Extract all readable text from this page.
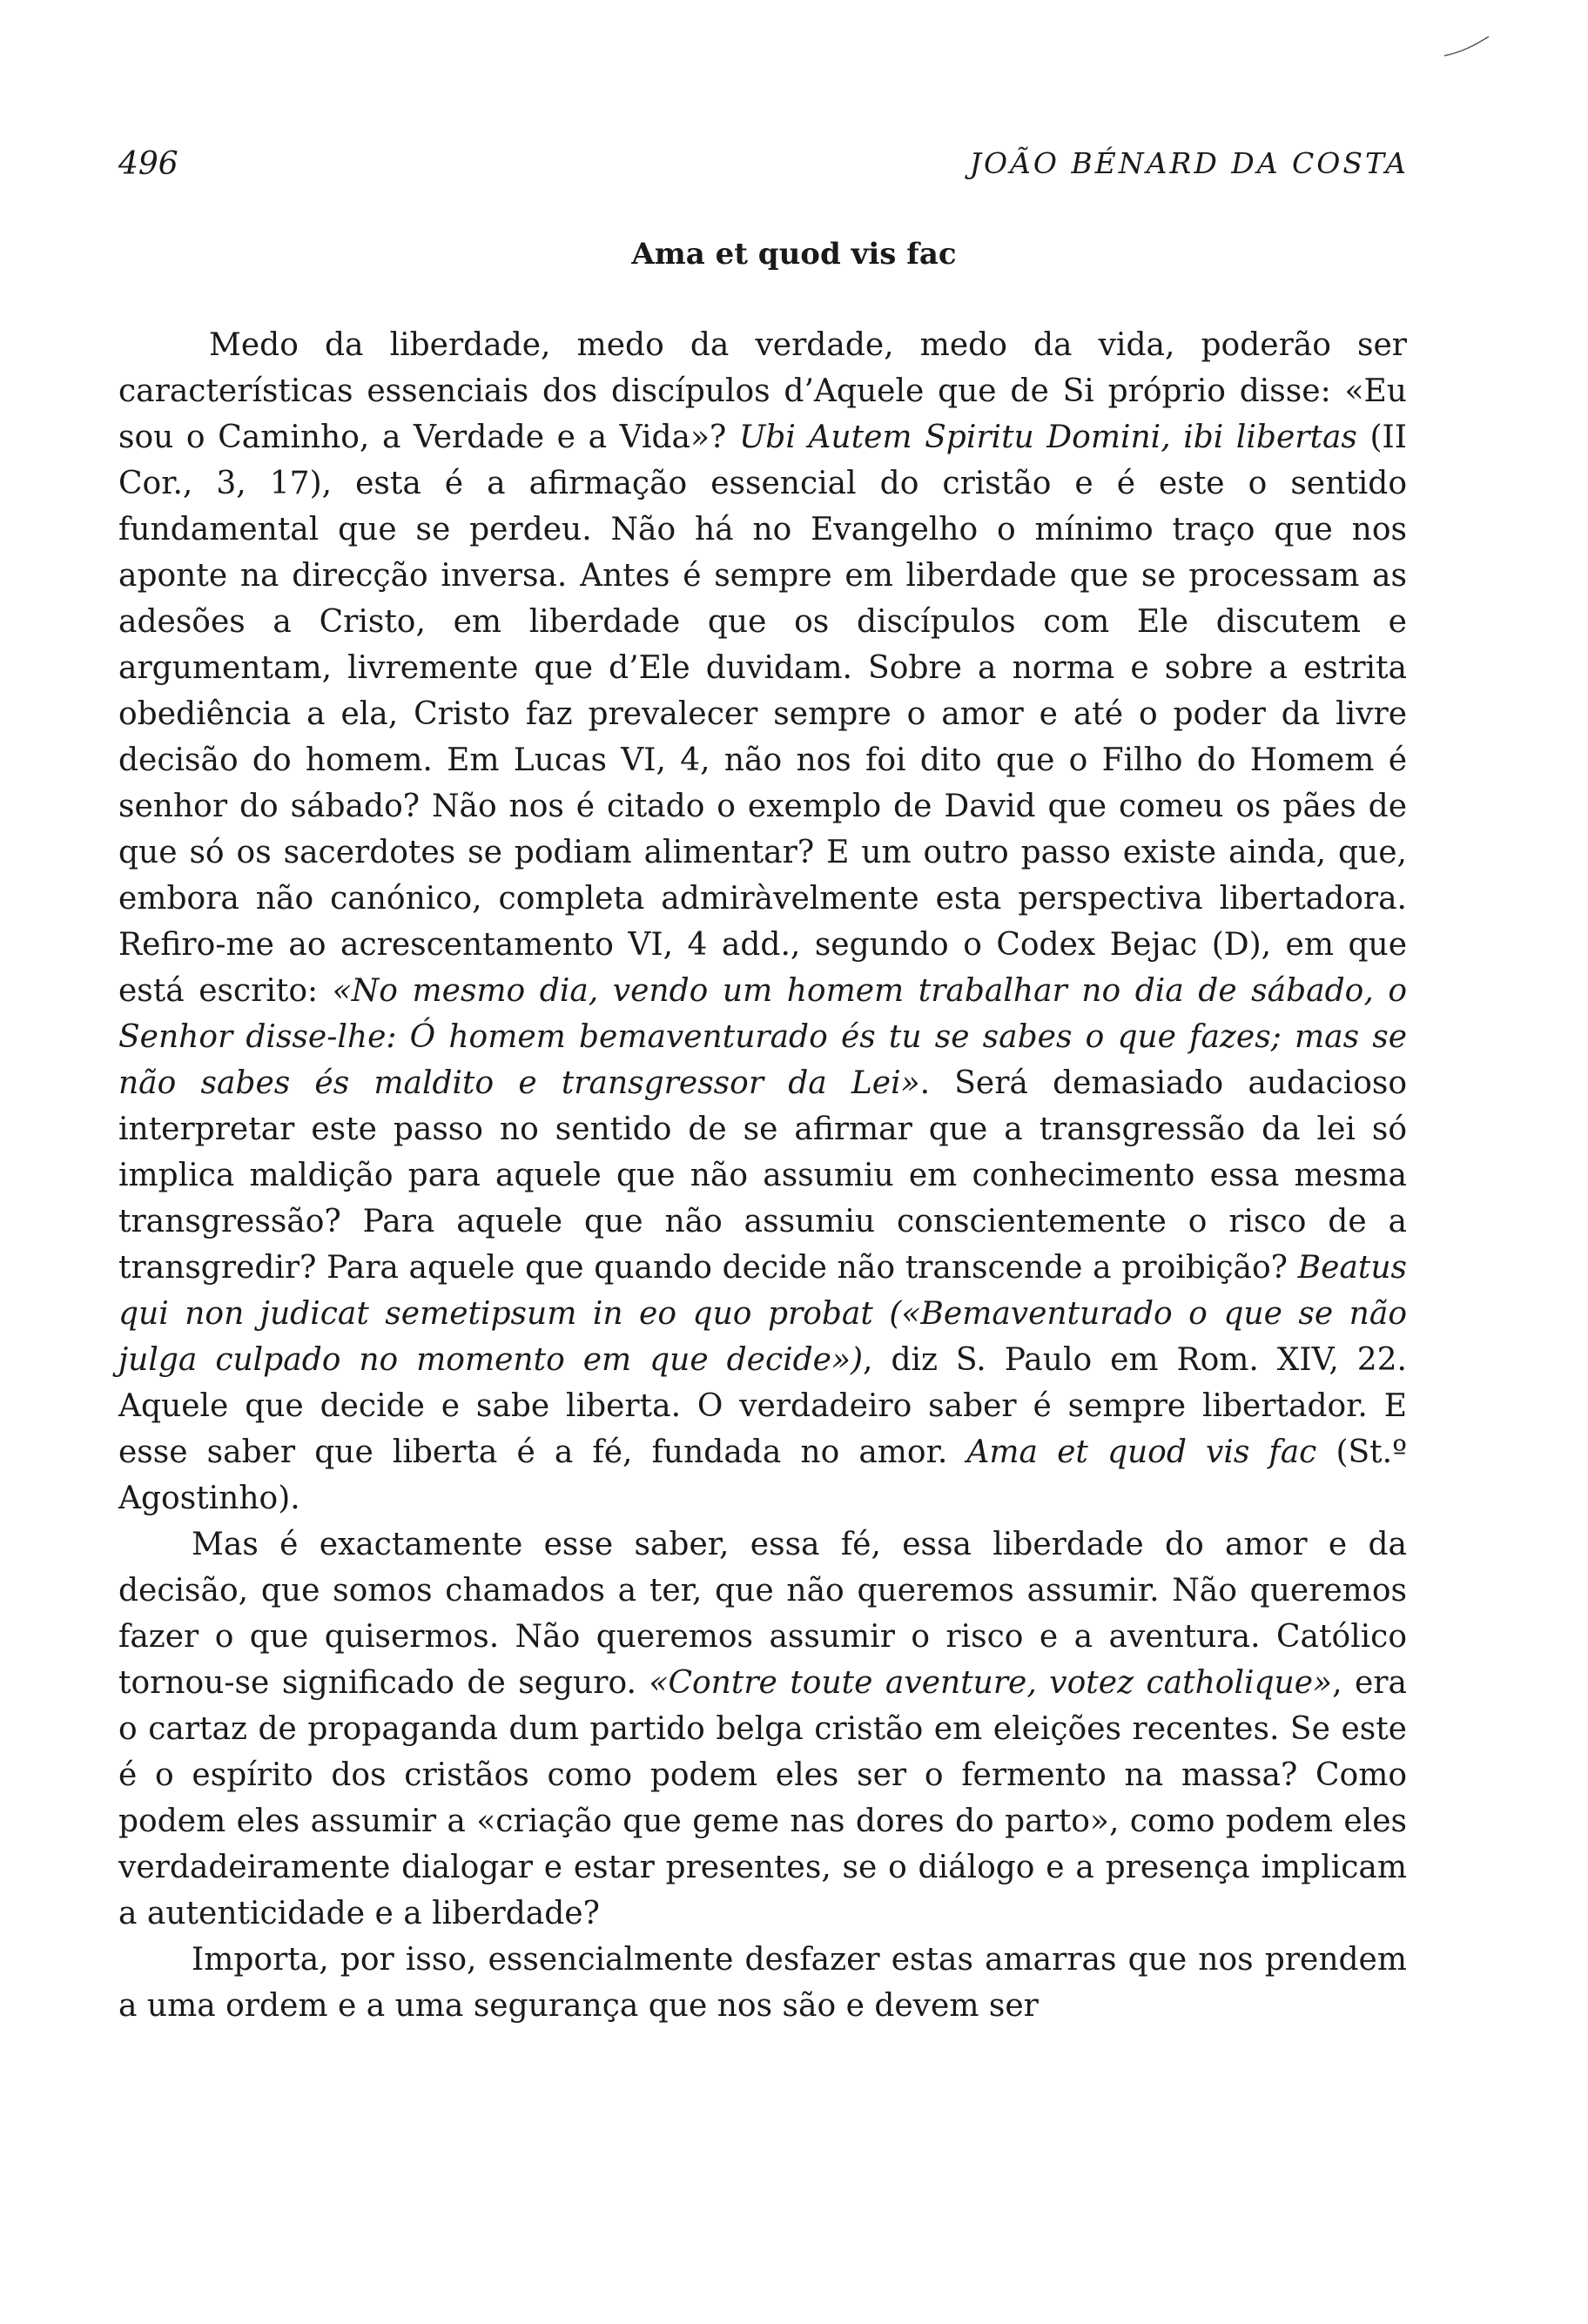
496	JOÃO BÉNARD DA COSTA
Ama et quod vis fac

Medo da liberdade, medo da verdade, medo da vida, poderão ser características essenciais dos discípulos d’Aquele que de Si próprio disse: «Eu sou o Caminho, a Verdade e a Vida»? Ubi Autem Spiritu Domini, ibi libertas (II Cor., 3, 17), esta é a afirmação essencial do cristão e é este o sentido fundamental que se perdeu. Não há no Evangelho o mínimo traço que nos aponte na direcção inversa. Antes é sempre em liberdade que se processam as adesões a Cristo, em liberdade que os discípulos com Ele discutem e argumentam, livremente que d’Ele duvidam. Sobre a norma e sobre a estrita obediência a ela, Cristo faz prevalecer sempre o amor e até o poder da livre decisão do homem. Em Lucas VI, 4, não nos foi dito que o Filho do Homem é senhor do sábado? Não nos é citado o exemplo de David que comeu os pães de que só os sacerdotes se podiam alimentar? E um outro passo existe ainda, que, embora não canónico, completa admiràvelmente esta perspectiva libertadora. Refiro-me ao acrescentamento VI, 4 add., segundo o Codex Bejac (D), em que está escrito: «No mesmo dia, vendo um homem trabalhar no dia de sábado, o Senhor disse-lhe: Ó homem bemaventurado és tu se sabes o que fazes; mas se não sabes és maldito e transgressor da Lei». Será demasiado audacioso interpretar este passo no sentido de se afirmar que a transgressão da lei só implica maldição para aquele que não assumiu em conhecimento essa mesma transgressão? Para aquele que não assumiu conscientemente o risco de a transgredir? Para aquele que quando decide não transcende a proibição? Beatus qui non judicat semetipsum in eo quo probat («Bemaventurado o que se não julga culpado no momento em que decide»), diz S. Paulo em Rom. XIV, 22. Aquele que decide e sabe liberta. O verdadeiro saber é sempre libertador. E esse saber que liberta é a fé, fundada no amor. Ama et quod vis fac (St.º Agostinho).

Mas é exactamente esse saber, essa fé, essa liberdade do amor e da decisão, que somos chamados a ter, que não queremos assumir. Não queremos fazer o que quisermos. Não queremos assumir o risco e a aventura. Católico tornou-se significado de seguro. «Contre toute aventure, votez catholique», era o cartaz de propaganda dum partido belga cristão em eleições recentes. Se este é o espírito dos cristãos como podem eles ser o fermento na massa? Como podem eles assumir a «criação que geme nas dores do parto», como podem eles verdadeiramente dialogar e estar presentes, se o diálogo e a presença implicam a autenticidade e a liberdade?

Importa, por isso, essencialmente desfazer estas amarras que nos prendem a uma ordem e a uma segurança que nos são e devem ser
